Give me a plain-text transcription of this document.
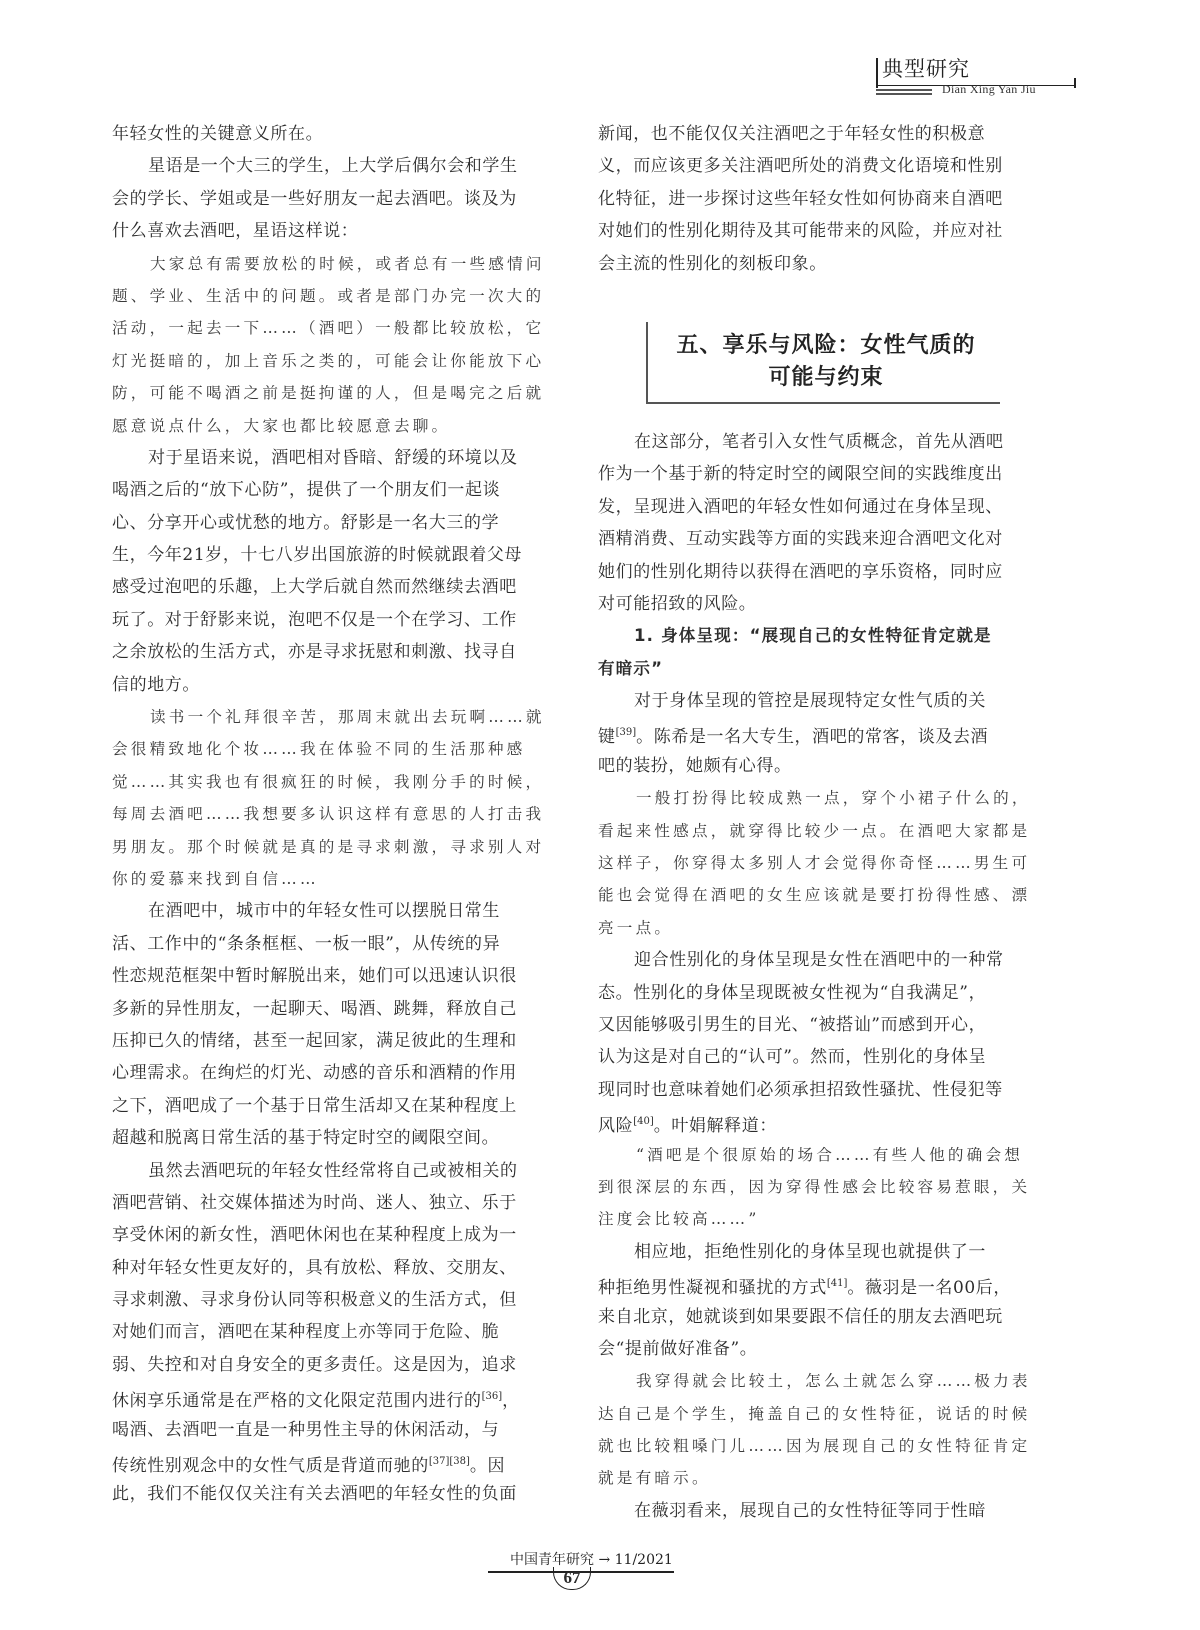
典型研究
Dian Xing Yan Jiu
年轻女性的关键意义所在。
星语是一个大三的学生，上大学后偶尔会和学生
会的学长、学姐或是一些好朋友一起去酒吧。谈及为
什么喜欢去酒吧，星语这样说：
大家总有需要放松的时候，或者总有一些感情问
题、学业、生活中的问题。或者是部门办完一次大的
活动，一起去一下……（酒吧）一般都比较放松，它
灯光挺暗的，加上音乐之类的，可能会让你能放下心
防，可能不喝酒之前是挺拘谨的人，但是喝完之后就
愿意说点什么，大家也都比较愿意去聊。
对于星语来说，酒吧相对昏暗、舒缓的环境以及
喝酒之后的“放下心防”，提供了一个朋友们一起谈
心、分享开心或忧愁的地方。舒影是一名大三的学
生，今年21岁，十七八岁出国旅游的时候就跟着父母
感受过泡吧的乐趣，上大学后就自然而然继续去酒吧
玩了。对于舒影来说，泡吧不仅是一个在学习、工作
之余放松的生活方式，亦是寻求抚慰和刺激、找寻自
信的地方。
读书一个礼拜很辛苦，那周末就出去玩啊……就
会很精致地化个妆……我在体验不同的生活那种感
觉……其实我也有很疯狂的时候，我刚分手的时候，
每周去酒吧……我想要多认识这样有意思的人打击我
男朋友。那个时候就是真的是寻求刺激，寻求别人对
你的爱慕来找到自信……
在酒吧中，城市中的年轻女性可以摆脱日常生
活、工作中的“条条框框、一板一眼”，从传统的异
性恋规范框架中暂时解脱出来，她们可以迅速认识很
多新的异性朋友，一起聊天、喝酒、跳舞，释放自己
压抑已久的情绪，甚至一起回家，满足彼此的生理和
心理需求。在绚烂的灯光、动感的音乐和酒精的作用
之下，酒吧成了一个基于日常生活却又在某种程度上
超越和脱离日常生活的基于特定时空的阈限空间。
虽然去酒吧玩的年轻女性经常将自己或被相关的
酒吧营销、社交媒体描述为时尚、迷人、独立、乐于
享受休闲的新女性，酒吧休闲也在某种程度上成为一
种对年轻女性更友好的，具有放松、释放、交朋友、
寻求刺激、寻求身份认同等积极意义的生活方式，但
对她们而言，酒吧在某种程度上亦等同于危险、脆
弱、失控和对自身安全的更多责任。这是因为，追求
休闲享乐通常是在严格的文化限定范围内进行的[36]，
喝酒、去酒吧一直是一种男性主导的休闲活动，与
传统性别观念中的女性气质是背道而驰的[37][38]。因
此，我们不能仅仅关注有关去酒吧的年轻女性的负面
新闻，也不能仅仅关注酒吧之于年轻女性的积极意
义，而应该更多关注酒吧所处的消费文化语境和性别
化特征，进一步探讨这些年轻女性如何协商来自酒吧
对她们的性别化期待及其可能带来的风险，并应对社
会主流的性别化的刻板印象。
五、享乐与风险：女性气质的
可能与约束
在这部分，笔者引入女性气质概念，首先从酒吧
作为一个基于新的特定时空的阈限空间的实践维度出
发，呈现进入酒吧的年轻女性如何通过在身体呈现、
酒精消费、互动实践等方面的实践来迎合酒吧文化对
她们的性别化期待以获得在酒吧的享乐资格，同时应
对可能招致的风险。
1. 身体呈现：“展现自己的女性特征肯定就是
有暗示”
对于身体呈现的管控是展现特定女性气质的关
键[39]。陈希是一名大专生，酒吧的常客，谈及去酒
吧的装扮，她颇有心得。
一般打扮得比较成熟一点，穿个小裙子什么的，
看起来性感点，就穿得比较少一点。在酒吧大家都是
这样子，你穿得太多别人才会觉得你奇怪……男生可
能也会觉得在酒吧的女生应该就是要打扮得性感、漂
亮一点。
迎合性别化的身体呈现是女性在酒吧中的一种常
态。性别化的身体呈现既被女性视为“自我满足”，
又因能够吸引男生的目光、“被搭讪”而感到开心，
认为这是对自己的“认可”。然而，性别化的身体呈
现同时也意味着她们必须承担招致性骚扰、性侵犯等
风险[40]。叶娟解释道：
“酒吧是个很原始的场合……有些人他的确会想
到很深层的东西，因为穿得性感会比较容易惹眼，关
注度会比较高……”
相应地，拒绝性别化的身体呈现也就提供了一
种拒绝男性凝视和骚扰的方式[41]。薇羽是一名00后，
来自北京，她就谈到如果要跟不信任的朋友去酒吧玩
会“提前做好准备”。
我穿得就会比较土，怎么土就怎么穿……极力表
达自己是个学生，掩盖自己的女性特征，说话的时候
就也比较粗嗓门儿……因为展现自己的女性特征肯定
就是有暗示。
在薇羽看来，展现自己的女性特征等同于性暗
中国青年研究 → 11/2021
67
